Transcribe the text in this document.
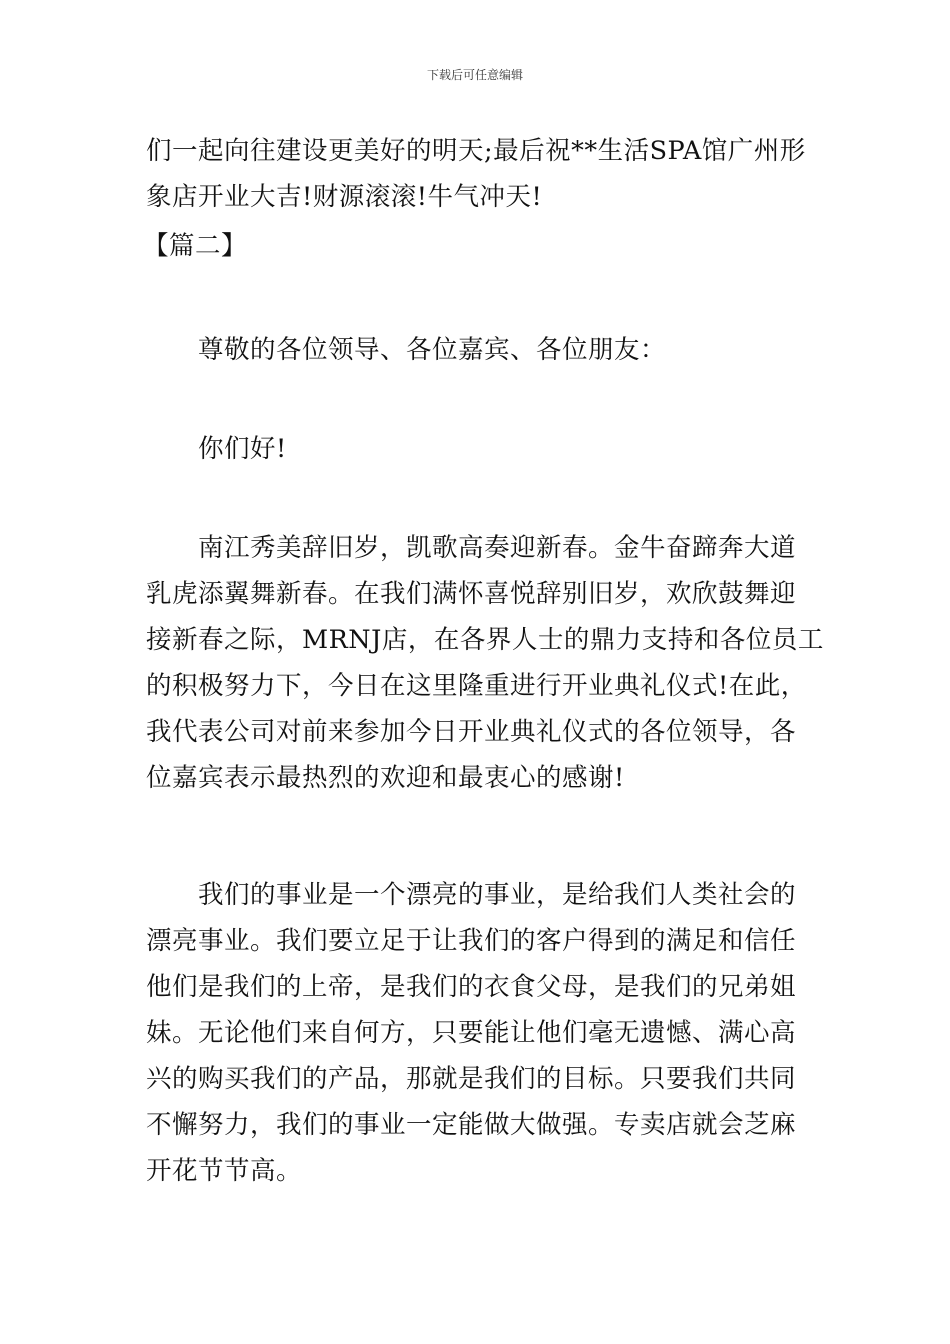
下载后可任意编辑
们一起向往建设更美好的明天;最后祝**生活SPA馆广州形
象店开业大吉!财源滚滚!牛气冲天!
【篇二】
尊敬的各位领导、各位嘉宾、各位朋友：
你们好!
南江秀美辞旧岁，凯歌高奏迎新春。金牛奋蹄奔大道
乳虎添翼舞新春。在我们满怀喜悦辞别旧岁，欢欣鼓舞迎
接新春之际，MRNJ店，在各界人士的鼎力支持和各位员工
的积极努力下，今日在这里隆重进行开业典礼仪式!在此，
我代表公司对前来参加今日开业典礼仪式的各位领导，各
位嘉宾表示最热烈的欢迎和最衷心的感谢!
我们的事业是一个漂亮的事业，是给我们人类社会的
漂亮事业。我们要立足于让我们的客户得到的满足和信任
他们是我们的上帝，是我们的衣食父母，是我们的兄弟姐
妹。无论他们来自何方，只要能让他们毫无遗憾、满心高
兴的购买我们的产品，那就是我们的目标。只要我们共同
不懈努力，我们的事业一定能做大做强。专卖店就会芝麻
开花节节高。
